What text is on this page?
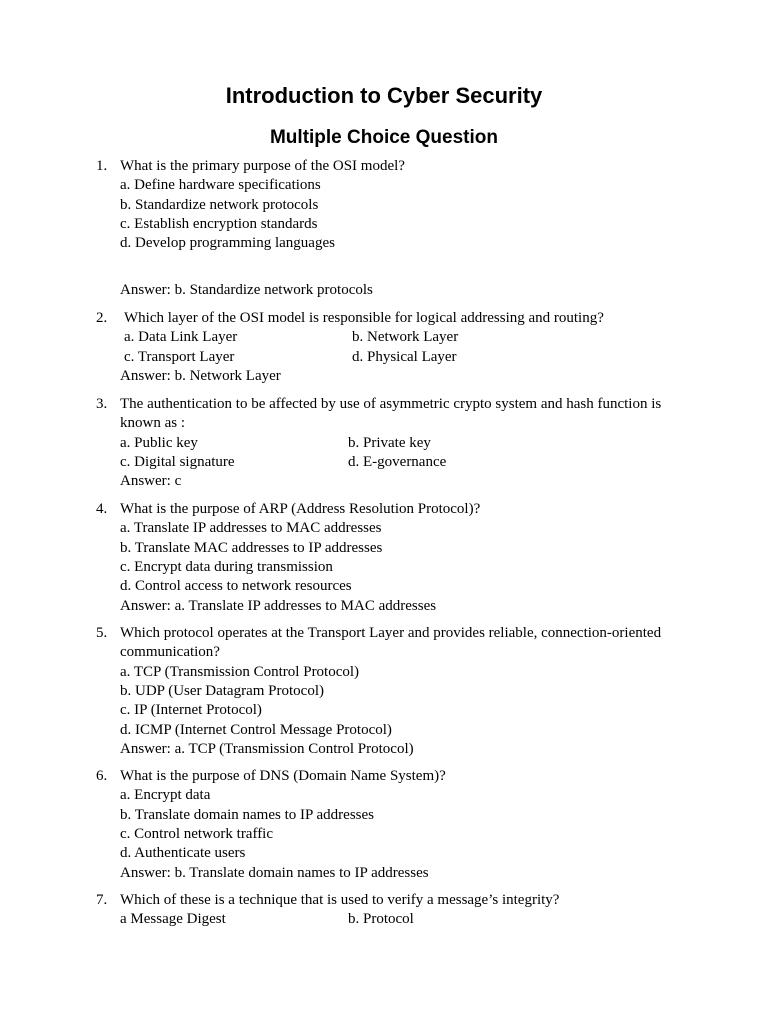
Introduction to Cyber Security
Multiple Choice Question
1. What is the primary purpose of the OSI model?
a. Define hardware specifications
b. Standardize network protocols
c. Establish encryption standards
d. Develop programming languages
Answer: b. Standardize network protocols
2. Which layer of the OSI model is responsible for logical addressing and routing?
a. Data Link Layer	b. Network Layer
c. Transport Layer	d. Physical Layer
Answer: b. Network Layer
3. The authentication to be affected by use of asymmetric crypto system and hash function is
known as :
a. Public key	b. Private key
c. Digital signature	d. E-governance
Answer: c
4. What is the purpose of ARP (Address Resolution Protocol)?
a. Translate IP addresses to MAC addresses
b. Translate MAC addresses to IP addresses
c. Encrypt data during transmission
d. Control access to network resources
Answer: a. Translate IP addresses to MAC addresses
5. Which protocol operates at the Transport Layer and provides reliable, connection-oriented
communication?
a. TCP (Transmission Control Protocol)
b. UDP (User Datagram Protocol)
c. IP (Internet Protocol)
d. ICMP (Internet Control Message Protocol)
Answer: a. TCP (Transmission Control Protocol)
6. What is the purpose of DNS (Domain Name System)?
a. Encrypt data
b. Translate domain names to IP addresses
c. Control network traffic
d. Authenticate users
Answer: b. Translate domain names to IP addresses
7. Which of these is a technique that is used to verify a message’s integrity?
a Message Digest	b. Protocol
